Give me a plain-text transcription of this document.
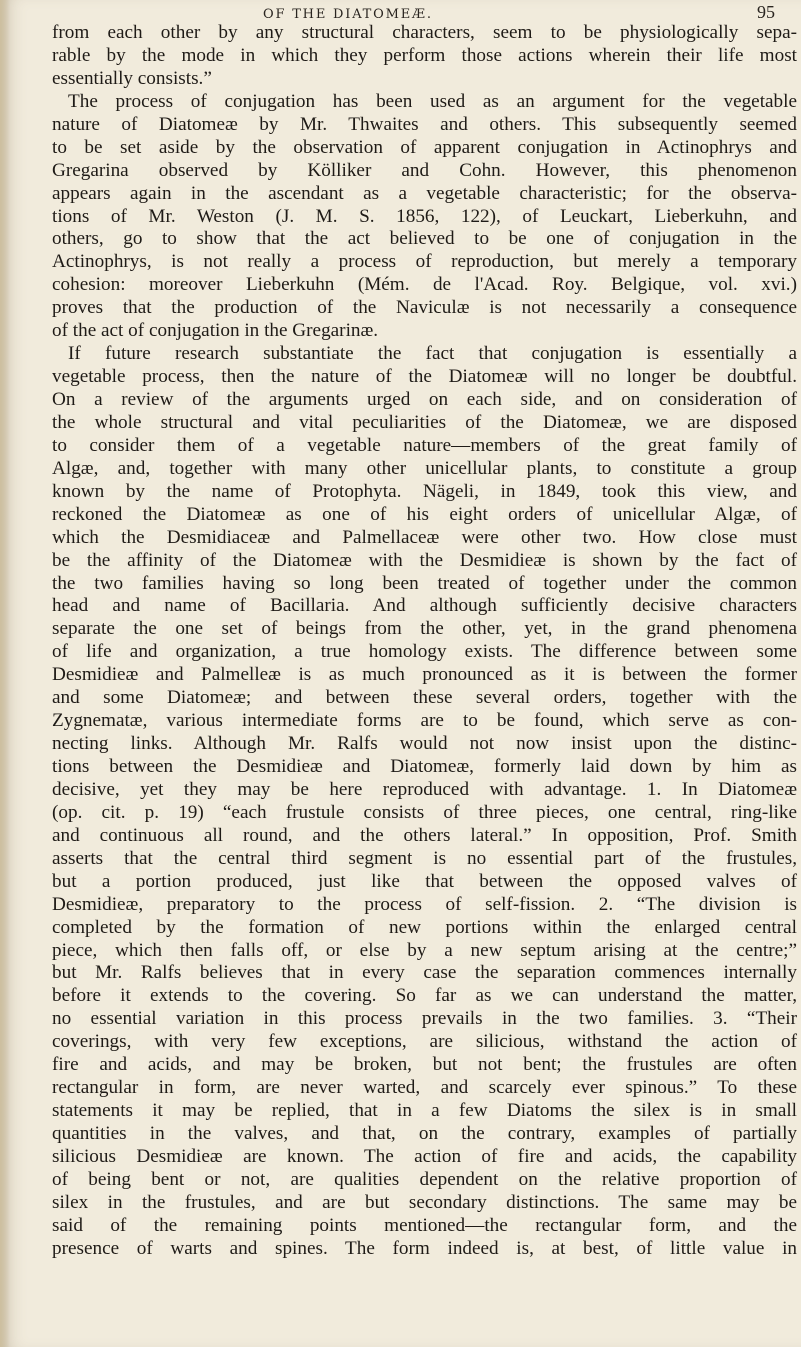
OF THE DIATOMEÆ.	95
from each other by any structural characters, seem to be physiologically sepa-
rable by the mode in which they perform those actions wherein their life most
essentially consists.”
The process of conjugation has been used as an argument for the vegetable
nature of Diatomeæ by Mr. Thwaites and others. This subsequently seemed
to be set aside by the observation of apparent conjugation in Actinophrys and
Gregarina observed by Kölliker and Cohn. However, this phenomenon
appears again in the ascendant as a vegetable characteristic; for the observa-
tions of Mr. Weston (J. M. S. 1856, 122), of Leuckart, Lieberkuhn, and
others, go to show that the act believed to be one of conjugation in the
Actinophrys, is not really a process of reproduction, but merely a temporary
cohesion: moreover Lieberkuhn (Mém. de l'Acad. Roy. Belgique, vol. xvi.)
proves that the production of the Naviculæ is not necessarily a consequence
of the act of conjugation in the Gregarinæ.
If future research substantiate the fact that conjugation is essentially a
vegetable process, then the nature of the Diatomeæ will no longer be doubtful.
On a review of the arguments urged on each side, and on consideration of
the whole structural and vital peculiarities of the Diatomeæ, we are disposed
to consider them of a vegetable nature—members of the great family of
Algæ, and, together with many other unicellular plants, to constitute a group
known by the name of Protophyta. Nägeli, in 1849, took this view, and
reckoned the Diatomeæ as one of his eight orders of unicellular Algæ, of
which the Desmidiaceæ and Palmellaceæ were other two. How close must
be the affinity of the Diatomeæ with the Desmidieæ is shown by the fact of
the two families having so long been treated of together under the common
head and name of Bacillaria. And although sufficiently decisive characters
separate the one set of beings from the other, yet, in the grand phenomena
of life and organization, a true homology exists. The difference between some
Desmidieæ and Palmelleæ is as much pronounced as it is between the former
and some Diatomeæ; and between these several orders, together with the
Zygnematæ, various intermediate forms are to be found, which serve as con-
necting links. Although Mr. Ralfs would not now insist upon the distinc-
tions between the Desmidieæ and Diatomeæ, formerly laid down by him as
decisive, yet they may be here reproduced with advantage. 1. In Diatomeæ
(op. cit. p. 19) “each frustule consists of three pieces, one central, ring-like
and continuous all round, and the others lateral.” In opposition, Prof. Smith
asserts that the central third segment is no essential part of the frustules,
but a portion produced, just like that between the opposed valves of
Desmidieæ, preparatory to the process of self-fission. 2. “The division is
completed by the formation of new portions within the enlarged central
piece, which then falls off, or else by a new septum arising at the centre;”
but Mr. Ralfs believes that in every case the separation commences internally
before it extends to the covering. So far as we can understand the matter,
no essential variation in this process prevails in the two families. 3. “Their
coverings, with very few exceptions, are silicious, withstand the action of
fire and acids, and may be broken, but not bent; the frustules are often
rectangular in form, are never warted, and scarcely ever spinous.” To these
statements it may be replied, that in a few Diatoms the silex is in small
quantities in the valves, and that, on the contrary, examples of partially
silicious Desmidieæ are known. The action of fire and acids, the capability
of being bent or not, are qualities dependent on the relative proportion of
silex in the frustules, and are but secondary distinctions. The same may be
said of the remaining points mentioned—the rectangular form, and the
presence of warts and spines. The form indeed is, at best, of little value in
